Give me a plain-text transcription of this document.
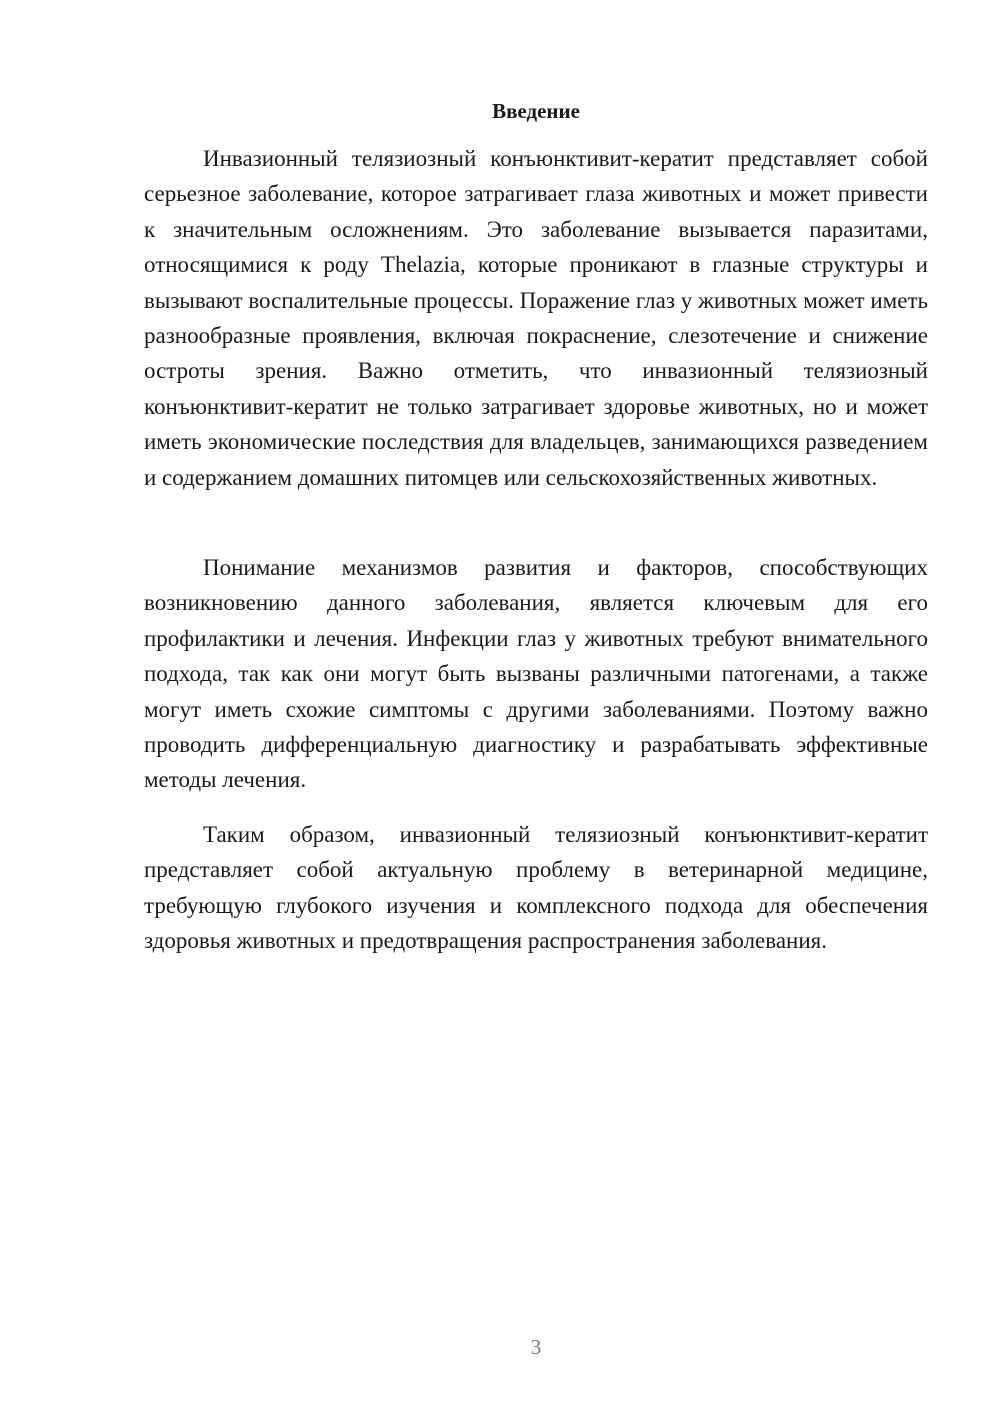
Введение

Инвазионный телязиозный конъюнктивит-кератит представляет собой серьезное заболевание, которое затрагивает глаза животных и может привести к значительным осложнениям. Это заболевание вызывается паразитами, относящимися к роду Thelazia, которые проникают в глазные структуры и вызывают воспалительные процессы. Поражение глаз у животных может иметь разнообразные проявления, включая покраснение, слезотечение и снижение остроты зрения. Важно отметить, что инвазионный телязиозный конъюнктивит-кератит не только затрагивает здоровье животных, но и может иметь экономические последствия для владельцев, занимающихся разведением и содержанием домашних питомцев или сельскохозяйственных животных.

Понимание механизмов развития и факторов, способствующих возникновению данного заболевания, является ключевым для его профилактики и лечения. Инфекции глаз у животных требуют внимательного подхода, так как они могут быть вызваны различными патогенами, а также могут иметь схожие симптомы с другими заболеваниями. Поэтому важно проводить дифференциальную диагностику и разрабатывать эффективные методы лечения.

Таким образом, инвазионный телязиозный конъюнктивит-кератит представляет собой актуальную проблему в ветеринарной медицине, требующую глубокого изучения и комплексного подхода для обеспечения здоровья животных и предотвращения распространения заболевания.

3
